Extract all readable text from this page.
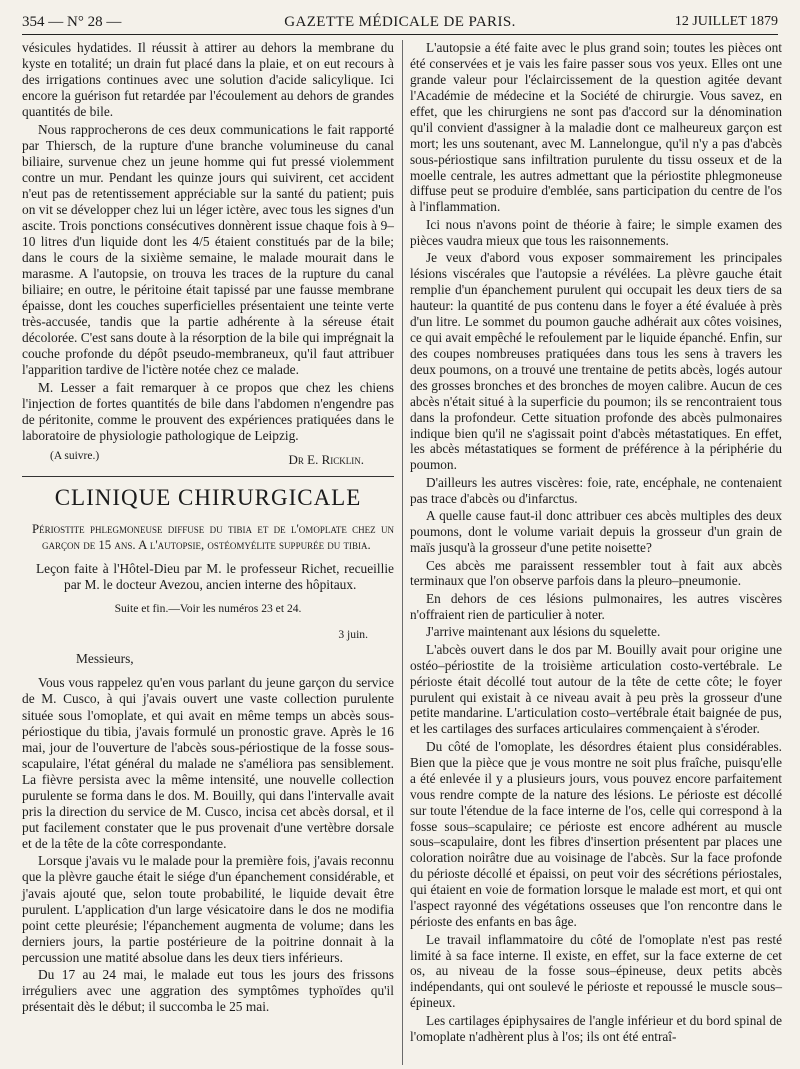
354 — N° 28 —	GAZETTE MÉDICALE DE PARIS.	12 JUILLET 1879

vésicules hydatides. Il réussit à attirer au dehors la membrane du kyste en totalité; un drain fut placé dans la plaie, et on eut recours à des irrigations continues avec une solution d'acide salicylique. Ici encore la guérison fut retardée par l'écoulement au dehors de grandes quantités de bile.

Nous rapprocherons de ces deux communications le fait rapporté par Thiersch, de la rupture d'une branche volumineuse du canal biliaire, survenue chez un jeune homme qui fut pressé violemment contre un mur. Pendant les quinze jours qui suivirent, cet accident n'eut pas de retentissement appréciable sur la santé du patient; puis on vit se développer chez lui un léger ictère, avec tous les signes d'un ascite. Trois ponctions consécutives donnèrent issue chaque fois à 9–10 litres d'un liquide dont les 4/5 étaient constitués par de la bile; dans le cours de la sixième semaine, le malade mourait dans le marasme. A l'autopsie, on trouva les traces de la rupture du canal biliaire; en outre, le péritoine était tapissé par une fausse membrane épaisse, dont les couches superficielles présentaient une teinte verte très-accusée, tandis que la partie adhérente à la séreuse était décolorée. C'est sans doute à la résorption de la bile qui imprégnait la couche profonde du dépôt pseudo-membraneux, qu'il faut attribuer l'apparition tardive de l'ictère notée chez ce malade.

M. Lesser a fait remarquer à ce propos que chez les chiens l'injection de fortes quantités de bile dans l'abdomen n'engendre pas de péritonite, comme le prouvent des expériences pratiquées dans le laboratoire de physiologie pathologique de Leipzig.

(A suivre.)	Dr E. Ricklin.
CLINIQUE CHIRURGICALE

Périostite phlegmoneuse diffuse du tibia et de l'omoplate chez un garçon de 15 ans. A l'autopsie, ostéomyélite suppurée du tibia.

Leçon faite à l'Hôtel-Dieu par M. le professeur Richet, recueillie par M. le docteur Avezou, ancien interne des hôpitaux.

Suite et fin.—Voir les numéros 23 et 24.

3 juin.

Messieurs,

Vous vous rappelez qu'en vous parlant du jeune garçon du service de M. Cusco, à qui j'avais ouvert une vaste collection purulente située sous l'omoplate, et qui avait en même temps un abcès sous-périostique du tibia, j'avais formulé un pronostic grave. Après le 16 mai, jour de l'ouverture de l'abcès sous-périostique de la fosse sous-scapulaire, l'état général du malade ne s'améliora pas sensiblement. La fièvre persista avec la même intensité, une nouvelle collection purulente se forma dans le dos. M. Bouilly, qui dans l'intervalle avait pris la direction du service de M. Cusco, incisa cet abcès dorsal, et il put facilement constater que le pus provenait d'une vertèbre dorsale et de la tête de la côte correspondante.

Lorsque j'avais vu le malade pour la première fois, j'avais reconnu que la plèvre gauche était le siége d'un épanchement considérable, et j'avais ajouté que, selon toute probabilité, le liquide devait être purulent. L'application d'un large vésicatoire dans le dos ne modifia point cette pleurésie; l'épanchement augmenta de volume; dans les derniers jours, la partie postérieure de la poitrine donnait à la percussion une matité absolue dans les deux tiers inférieurs.

Du 17 au 24 mai, le malade eut tous les jours des frissons irréguliers avec une aggration des symptômes typhoïdes qu'il présentait dès le début; il succomba le 25 mai.

L'autopsie a été faite avec le plus grand soin; toutes les pièces ont été conservées et je vais les faire passer sous vos yeux. Elles ont une grande valeur pour l'éclaircissement de la question agitée devant l'Académie de médecine et la Société de chirurgie. Vous savez, en effet, que les chirurgiens ne sont pas d'accord sur la dénomination qu'il convient d'assigner à la maladie dont ce malheureux garçon est mort; les uns soutenant, avec M. Lannelongue, qu'il n'y a pas d'abcès sous-périostique sans infiltration purulente du tissu osseux et de la moelle centrale, les autres admettant que la périostite phlegmoneuse diffuse peut se produire d'emblée, sans participation du centre de l'os à l'inflammation.

Ici nous n'avons point de théorie à faire; le simple examen des pièces vaudra mieux que tous les raisonnements.

Je veux d'abord vous exposer sommairement les principales lésions viscérales que l'autopsie a révélées. La plèvre gauche était remplie d'un épanchement purulent qui occupait les deux tiers de sa hauteur: la quantité de pus contenu dans le foyer a été évaluée à près d'un litre. Le sommet du poumon gauche adhérait aux côtes voisines, ce qui avait empêché le refoulement par le liquide épanché. Enfin, sur des coupes nombreuses pratiquées dans tous les sens à travers les deux poumons, on a trouvé une trentaine de petits abcès, logés autour des grosses bronches et des bronches de moyen calibre. Aucun de ces abcès n'était situé à la superficie du poumon; ils se rencontraient tous dans la profondeur. Cette situation profonde des abcès pulmonaires indique bien qu'il ne s'agissait point d'abcès métastatiques. En effet, les abcès métastatiques se forment de préférence à la périphérie du poumon.

D'ailleurs les autres viscères: foie, rate, encéphale, ne contenaient pas trace d'abcès ou d'infarctus.

A quelle cause faut-il donc attribuer ces abcès multiples des deux poumons, dont le volume variait depuis la grosseur d'un grain de maïs jusqu'à la grosseur d'une petite noisette?

Ces abcès me paraissent ressembler tout à fait aux abcès terminaux que l'on observe parfois dans la pleuro–pneumonie.

En dehors de ces lésions pulmonaires, les autres viscères n'offraient rien de particulier à noter.

J'arrive maintenant aux lésions du squelette.

L'abcès ouvert dans le dos par M. Bouilly avait pour origine une ostéo–périostite de la troisième articulation costo-vertébrale. Le périoste était décollé tout autour de la tête de cette côte; le foyer purulent qui existait à ce niveau avait à peu près la grosseur d'une petite mandarine. L'articulation costo–vertébrale était baignée de pus, et les cartilages des surfaces articulaires commençaient à s'éroder.

Du côté de l'omoplate, les désordres étaient plus considérables. Bien que la pièce que je vous montre ne soit plus fraîche, puisqu'elle a été enlevée il y a plusieurs jours, vous pouvez encore parfaitement vous rendre compte de la nature des lésions. Le périoste est décollé sur toute l'étendue de la face interne de l'os, celle qui correspond à la fosse sous–scapulaire; ce périoste est encore adhérent au muscle sous–scapulaire, dont les fibres d'insertion présentent par places une coloration noirâtre due au voisinage de l'abcès. Sur la face profonde du périoste décollé et épaissi, on peut voir des sécrétions périostales, qui étaient en voie de formation lorsque le malade est mort, et qui ont l'aspect rayonné des végétations osseuses que l'on rencontre dans le périoste des enfants en bas âge.

Le travail inflammatoire du côté de l'omoplate n'est pas resté limité à sa face interne. Il existe, en effet, sur la face externe de cet os, au niveau de la fosse sous–épineuse, deux petits abcès indépendants, qui ont soulevé le périoste et repoussé le muscle sous–épineux.

Les cartilages épiphysaires de l'angle inférieur et du bord spinal de l'omoplate n'adhèrent plus à l'os; ils ont été entraî-
